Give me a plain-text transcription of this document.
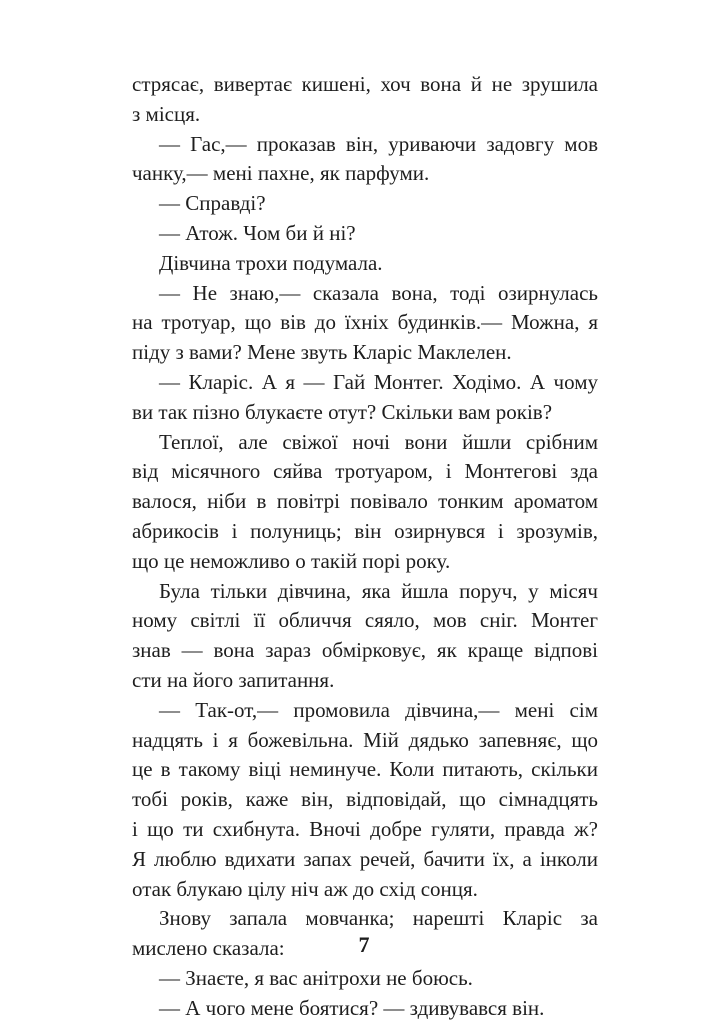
стрясає, вивертає кишені, хоч вона й не зрушила
з місця.
— Гас,— проказав він, уриваючи задовгу мов
чанку,— мені пахне, як парфуми.
— Справді?
— Атож. Чом би й ні?
Дівчина трохи подумала.
— Не знаю,— сказала вона, тоді озирнулась
на тротуар, що вів до їхніх будинків.— Можна, я
піду з вами? Мене звуть Кларіс Маклелен.
— Кларіс. А я — Гай Монтег. Ходімо. А чому
ви так пізно блукаєте отут? Скільки вам років?
Теплої, але свіжої ночі вони йшли срібним
від місячного сяйва тротуаром, і Монтегові зда
валося, ніби в повітрі повівало тонким ароматом
абрикосів і полуниць; він озирнувся і зрозумів,
що це неможливо о такій порі року.
Була тільки дівчина, яка йшла поруч, у місяч
ному світлі її обличчя сяяло, мов сніг. Монтег
знав — вона зараз обмірковує, як краще відпові
сти на його запитання.
— Так-от,— промовила дівчина,— мені сім
надцять і я божевільна. Мій дядько запевняє, що
це в такому віці неминуче. Коли питають, скільки
тобі років, каже він, відповідай, що сімнадцять
і що ти схибнута. Вночі добре гуляти, правда ж?
Я люблю вдихати запах речей, бачити їх, а інколи
отак блукаю цілу ніч аж до схід сонця.
Знову запала мовчанка; нарешті Кларіс за
мислено сказала:
— Знаєте, я вас анітрохи не боюсь.
— А чого мене боятися? — здивувався він.
7
